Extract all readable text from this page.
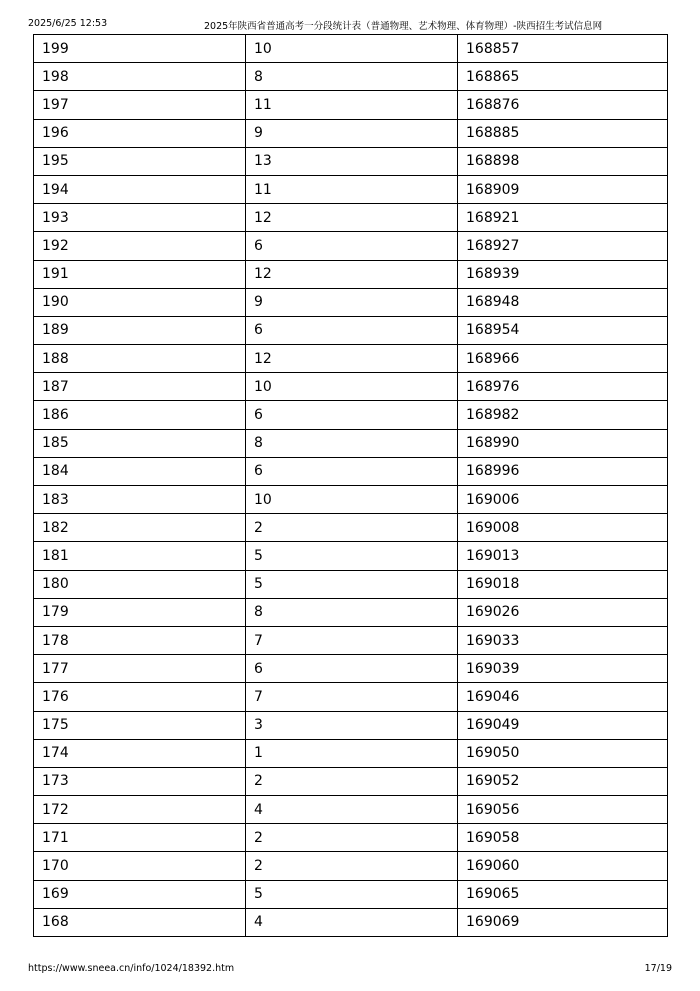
2025/6/25 12:53	2025年陕西省普通高考一分段统计表（普通物理、艺术物理、体育物理）-陕西招生考试信息网
199	10	168857
198	8	168865
197	11	168876
196	9	168885
195	13	168898
194	11	168909
193	12	168921
192	6	168927
191	12	168939
190	9	168948
189	6	168954
188	12	168966
187	10	168976
186	6	168982
185	8	168990
184	6	168996
183	10	169006
182	2	169008
181	5	169013
180	5	169018
179	8	169026
178	7	169033
177	6	169039
176	7	169046
175	3	169049
174	1	169050
173	2	169052
172	4	169056
171	2	169058
170	2	169060
169	5	169065
168	4	169069
https://www.sneea.cn/info/1024/18392.htm	17/19
